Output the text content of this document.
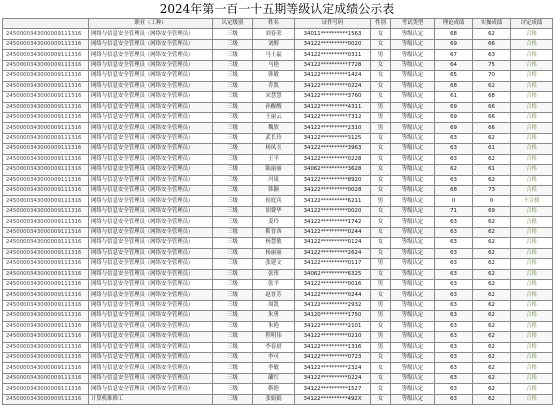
2024年第一百一十五期等级认定成绩公示表
	职业（工种）	认定级别	姓名	证件号码	性别	考试类型	理论成绩	实操成绩	评定成绩
2450000343000009111316	网络与信息安全管理员（网络安全管理员）	三级	刘春荣	34011**********1563	女	等级认定	68	62	合格
2450000343000009111316	网络与信息安全管理员（网络安全管理员）	三级	刘醇	34122**********0020	女	等级认定	69	66	合格
2450000343000009111316	网络与信息安全管理员（网络安全管理员）	三级	马士福	34122**********0311	男	等级认定	67	63	合格
2450000343000009111316	网络与信息安全管理员（网络安全管理员）	三级	马艳	34122**********7728	女	等级认定	64	75	合格
2450000343000009111316	网络与信息安全管理员（网络安全管理员）	三级	韩敏	34122**********1424	女	等级认定	65	70	合格
2450000343000009111316	网络与信息安全管理员（网络安全管理员）	三级	乔凯	34122**********0224	女	等级认定	68	62	合格
2450000343000009111316	网络与信息安全管理员（网络安全管理员）	三级	宋慧慧	34122**********3760	女	等级认定	61	68	合格
2450000343000009111316	网络与信息安全管理员（网络安全管理员）	三级	孙醒醒	34122**********4311	男	等级认定	69	66	合格
2450000343000009111316	网络与信息安全管理员（网络安全管理员）	三级	王丽云	34122**********7312	男	等级认定	69	66	合格
2450000343000009111316	网络与信息安全管理员（网络安全管理员）	三级	魏欣	34122**********2310	男	等级认定	69	66	合格
2450000343000009111316	网络与信息安全管理员（网络安全管理员）	三级	武长玲	34122**********3125	女	等级认定	63	62	合格
2450000343000009111316	网络与信息安全管理员（网络安全管理员）	三级	杨凤玉	34122**********3963	女	等级认定	63	61	合格
2450000343000009111316	网络与信息安全管理员（网络安全管理员）	三级	王平	34122**********0228	女	等级认定	63	62	合格
2450000343000009111316	网络与信息安全管理员（网络安全管理员）	三级	陈丽丽	34062**********3628	女	等级认定	62	61	合格
2450000343000009111316	网络与信息安全管理员（网络安全管理员）	三级	冯岚	34122**********8920	女	等级认定	63	62	合格
2450000343000009111316	网络与信息安全管理员（网络安全管理员）	三级	韩颖	34122**********0028	女	等级认定	68	73	合格
2450000343000009111316	网络与信息安全管理员（网络安全管理员）	三级	侯庭宾	34122**********6211	男	等级认定	0	0	不合格
2450000343000009111316	网络与信息安全管理员（网络安全管理员）	三级	胡费华	34122**********0020	女	等级认定	71	69	合格
2450000343000009111316	网络与信息安全管理员（网络安全管理员）	三级	姜玲	34122**********1742	女	等级认定	63	62	合格
2450000343000009111316	网络与信息安全管理员（网络安全管理员）	三级	靳晋西	34122**********0244	女	等级认定	63	62	合格
2450000343000009111316	网络与信息安全管理员（网络安全管理员）	三级	杨慧敏	34122**********0124	女	等级认定	63	62	合格
2450000343000009111316	网络与信息安全管理员（网络安全管理员）	三级	杨丽丽	34122**********2624	女	等级认定	63	62	合格
2450000343000009111316	网络与信息安全管理员（网络安全管理员）	三级	张建文	34122**********0117	男	等级认定	63	62	合格
2450000343000009111316	网络与信息安全管理员（网络安全管理员）	三级	张彤	34062**********6325	女	等级认定	63	62	合格
2450000343000009111316	网络与信息安全管理员（网络安全管理员）	三级	张平	34122**********0016	男	等级认定	63	62	合格
2450000343000009111316	网络与信息安全管理员（网络安全管理员）	三级	赵晋芳	34122**********0244	女	等级认定	63	62	合格
2450000343000009111316	网络与信息安全管理员（网络安全管理员）	三级	周凯	34122**********2932	男	等级认定	63	62	合格
2450000343000009111316	网络与信息安全管理员（网络安全管理员）	三级	朱勇	34120**********1750	男	等级认定	63	62	合格
2450000343000009111316	网络与信息安全管理员（网络安全管理员）	三级	朱艳	34122**********2101	女	等级认定	63	62	合格
2450000343000009111316	网络与信息安全管理员（网络安全管理员）	三级	程明伟	34122**********0210	男	等级认定	63	62	合格
2450000343000009111316	网络与信息安全管理员（网络安全管理员）	三级	李春晨	34122**********1316	男	等级认定	63	62	合格
2450000343000009111316	网络与信息安全管理员（网络安全管理员）	三级	李可	34122**********0723	女	等级认定	63	62	合格
2450000343000009111316	网络与信息安全管理员（网络安全管理员）	三级	李敏	34122**********2324	女	等级认定	63	62	合格
2450000343000009111316	网络与信息安全管理员（网络安全管理员）	三级	蘭红	34122**********0224	女	等级认定	63	62	合格
2450000343000009111316	网络与信息安全管理员（网络安全管理员）	三级	靳艳	34122**********1527	女	等级认定	63	62	合格
2450000343000009111316	计算机维修工	三级	张娟娟	34122**********492X	女	等级认定	63	62	合格
